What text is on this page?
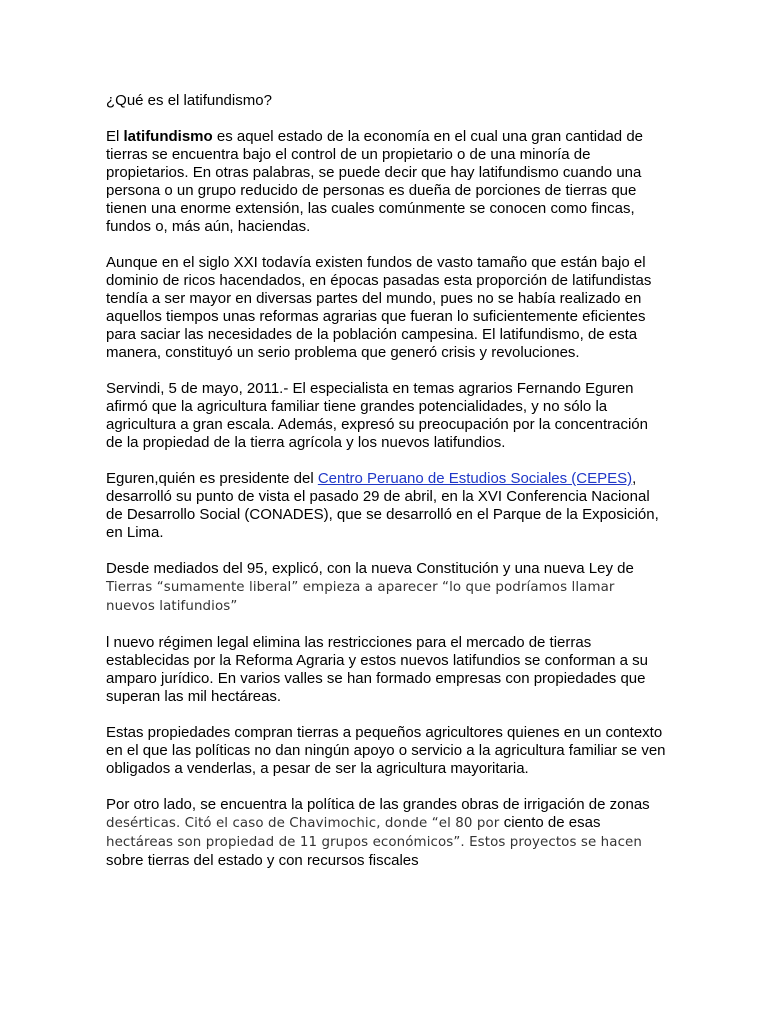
¿Qué es el latifundismo?

El latifundismo es aquel estado de la economía en el cual una gran cantidad de tierras se encuentra bajo el control de un propietario o de una minoría de propietarios. En otras palabras, se puede decir que hay latifundismo cuando una persona o un grupo reducido de personas es dueña de porciones de tierras que tienen una enorme extensión, las cuales comúnmente se conocen como fincas, fundos o, más aún, haciendas.

Aunque en el siglo XXI todavía existen fundos de vasto tamaño que están bajo el dominio de ricos hacendados, en épocas pasadas esta proporción de latifundistas tendía a ser mayor en diversas partes del mundo, pues no se había realizado en aquellos tiempos unas reformas agrarias que fueran lo suficientemente eficientes para saciar las necesidades de la población campesina. El latifundismo, de esta manera, constituyó un serio problema que generó crisis y revoluciones.

Servindi, 5 de mayo, 2011.- El especialista en temas agrarios Fernando Eguren afirmó que la agricultura familiar tiene grandes potencialidades, y no sólo la agricultura a gran escala. Además, expresó su preocupación por la concentración de la propiedad de la tierra agrícola y los nuevos latifundios.

Eguren,quién es presidente del Centro Peruano de Estudios Sociales (CEPES), desarrolló su punto de vista el pasado 29 de abril, en la XVI Conferencia Nacional de Desarrollo Social (CONADES), que se desarrolló en el Parque de la Exposición, en Lima.

Desde mediados del 95, explicó, con la nueva Constitución y una nueva Ley de Tierras “sumamente liberal” empieza a aparecer “lo que podríamos llamar nuevos latifundios”

l nuevo régimen legal elimina las restricciones para el mercado de tierras establecidas por la Reforma Agraria y estos nuevos latifundios se conforman a su amparo jurídico. En varios valles se han formado empresas con propiedades que superan las mil hectáreas.

Estas propiedades compran tierras a pequeños agricultores quienes en un contexto en el que las políticas no dan ningún apoyo o servicio a la agricultura familiar se ven obligados a venderlas, a pesar de ser la agricultura mayoritaria.

Por otro lado, se encuentra la política de las grandes obras de irrigación de zonas desérticas. Citó el caso de Chavimochic, donde “el 80 por ciento de esas hectáreas son propiedad de 11 grupos económicos”. Estos proyectos se hacen sobre tierras del estado y con recursos fiscales
